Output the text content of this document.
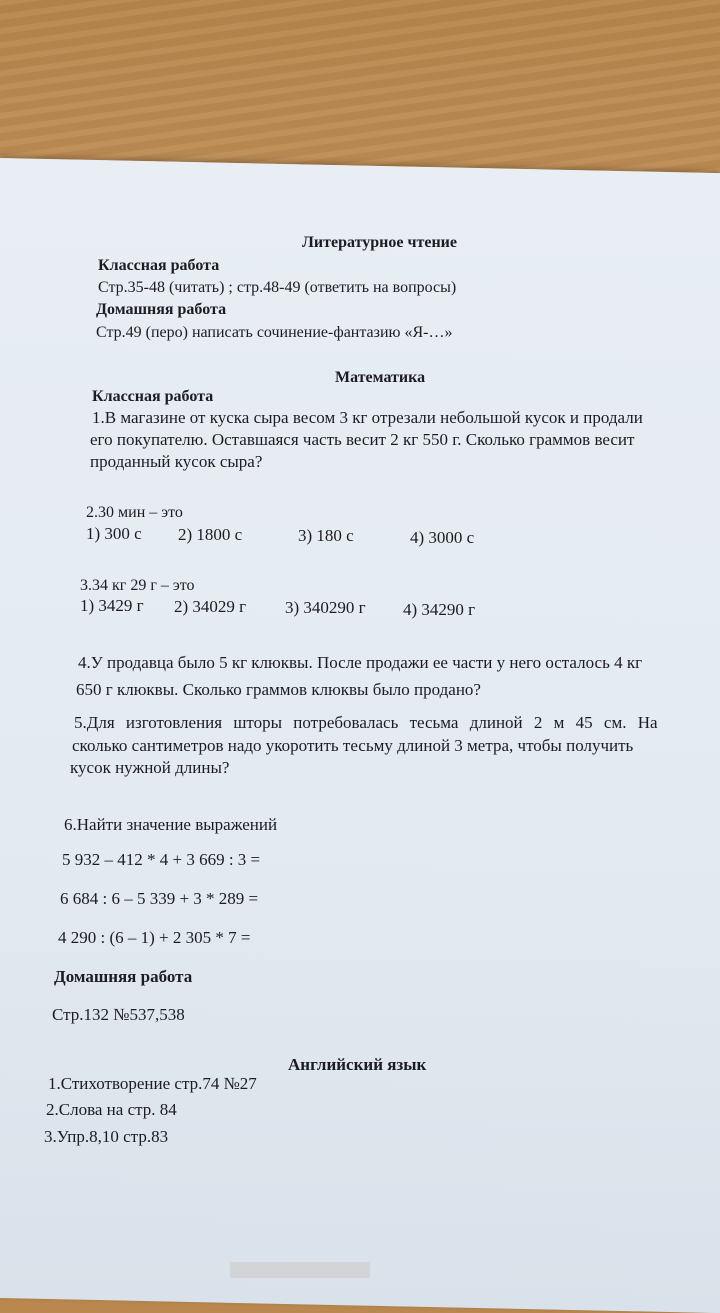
Литературное чтение
Классная работа
Стр.35-48 (читать) ; стр.48-49 (ответить на вопросы)
Домашняя работа
Стр.49 (перо) написать сочинение-фантазию «Я-…»
Математика
Классная работа
1.В магазине от куска сыра весом 3 кг отрезали небольшой кусок и продали
его покупателю. Оставшаяся часть весит 2 кг 550 г. Сколько граммов весит
проданный кусок сыра?
2.30 мин – это
1) 300 с 2) 1800 с	3) 180 с	4) 3000 с
3.34 кг 29 г – это
1) 3429 г 2) 34029 г 3) 340290 г 4) 34290 г
4.У продавца было 5 кг клюквы. После продажи ее части у него осталось 4 кг
650 г клюквы. Сколько граммов клюквы было продано?
5.Для изготовления шторы потребовалась тесьма длиной 2 м 45 см. На
сколько сантиметров надо укоротить тесьму длиной 3 метра, чтобы получить
кусок нужной длины?
6.Найти значение выражений
5 932 – 412 * 4 + 3 669 : 3 =
6 684 : 6 – 5 339 + 3 * 289 =
4 290 : (6 – 1) + 2 305 * 7 =
Домашняя работа
Стр.132 №537,538
Английский язык
1.Стихотворение стр.74 №27
2.Слова на стр. 84
3.Упр.8,10 стр.83
